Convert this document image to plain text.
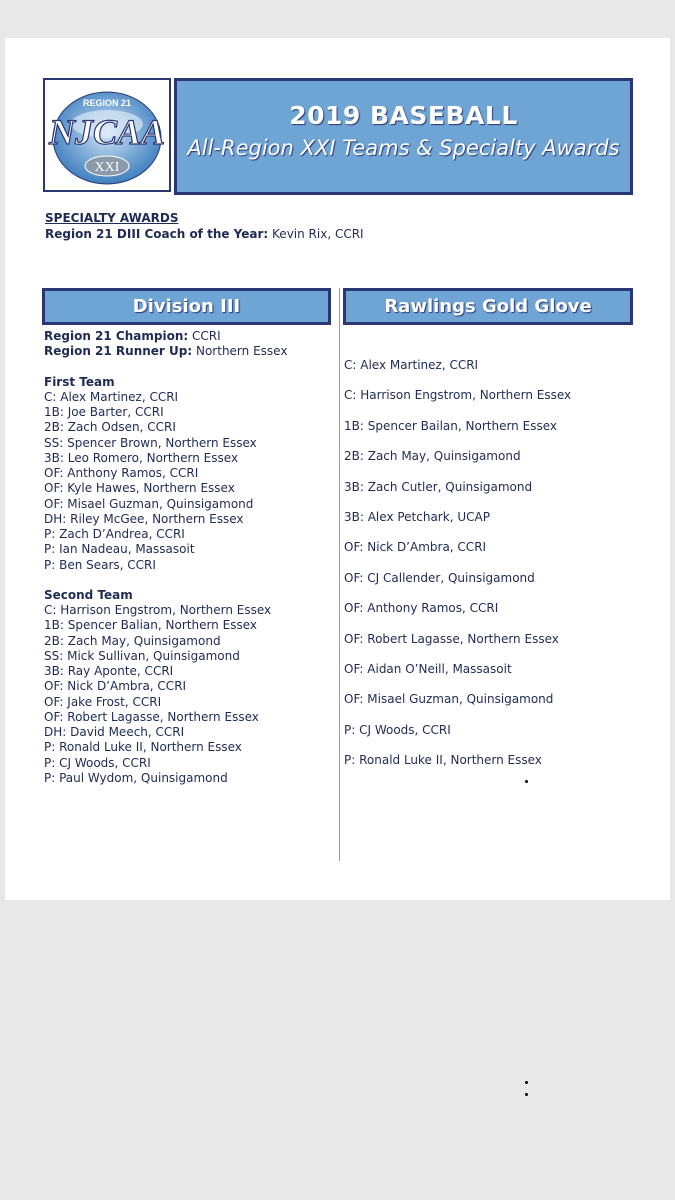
REGION 21
NJCAA
XXI
2019 BASEBALL
All-Region XXI Teams & Specialty Awards
SPECIALTY AWARDS
Region 21 DIII Coach of the Year: Kevin Rix, CCRI
Division III	Rawlings Gold Glove
Region 21 Champion: CCRI
Region 21 Runner Up: Northern Essex
First Team
C: Alex Martinez, CCRI
1B: Joe Barter, CCRI
2B: Zach Odsen, CCRI
SS: Spencer Brown, Northern Essex
3B: Leo Romero, Northern Essex
OF: Anthony Ramos, CCRI
OF: Kyle Hawes, Northern Essex
OF: Misael Guzman, Quinsigamond
DH: Riley McGee, Northern Essex
P: Zach D’Andrea, CCRI
P: Ian Nadeau, Massasoit
P: Ben Sears, CCRI
Second Team
C: Harrison Engstrom, Northern Essex
1B: Spencer Balian, Northern Essex
2B: Zach May, Quinsigamond
SS: Mick Sullivan, Quinsigamond
3B: Ray Aponte, CCRI
OF: Nick D’Ambra, CCRI
OF: Jake Frost, CCRI
OF: Robert Lagasse, Northern Essex
DH: David Meech, CCRI
P: Ronald Luke II, Northern Essex
P: CJ Woods, CCRI
P: Paul Wydom, Quinsigamond
C: Alex Martinez, CCRI
C: Harrison Engstrom, Northern Essex
1B: Spencer Bailan, Northern Essex
2B: Zach May, Quinsigamond
3B: Zach Cutler, Quinsigamond
3B: Alex Petchark, UCAP
OF: Nick D’Ambra, CCRI
OF: CJ Callender, Quinsigamond
OF: Anthony Ramos, CCRI
OF: Robert Lagasse, Northern Essex
OF: Aidan O’Neill, Massasoit
OF: Misael Guzman, Quinsigamond
P: CJ Woods, CCRI
P: Ronald Luke II, Northern Essex
